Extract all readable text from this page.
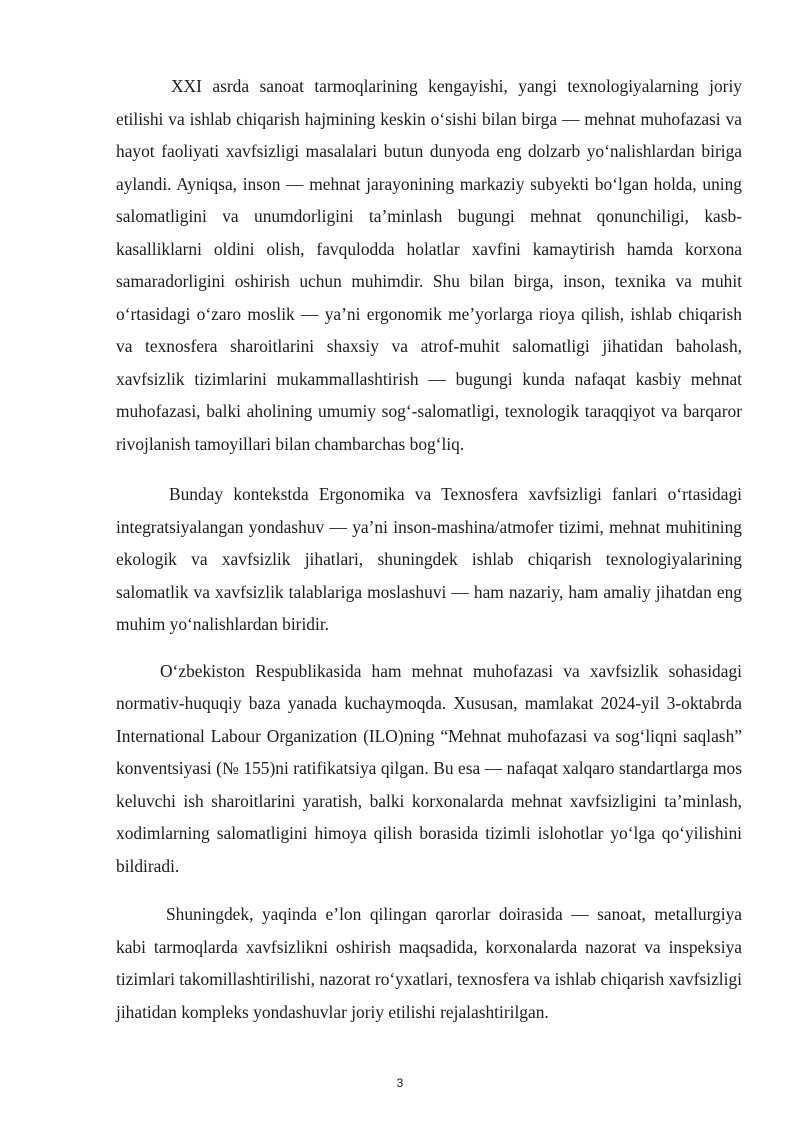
XXI asrda sanoat tarmoqlarining kengayishi, yangi texnologiyalarning joriy etilishi va ishlab chiqarish hajmining keskin o‘sishi bilan birga — mehnat muhofazasi va hayot faoliyati xavfsizligi masalalari butun dunyoda eng dolzarb yo‘nalishlardan biriga aylandi. Ayniqsa, inson — mehnat jarayonining markaziy subyekti bo‘lgan holda, uning salomatligini va unumdorligini ta’minlash bugungi mehnat qonunchiligi, kasb-kasalliklarni oldini olish, favqulodda holatlar xavfini kamaytirish hamda korxona samaradorligini oshirish uchun muhimdir. Shu bilan birga, inson, texnika va muhit o‘rtasidagi o‘zaro moslik — ya’ni ergonomik me’yorlarga rioya qilish, ishlab chiqarish va texnosfera sharoitlarini shaxsiy va atrof-muhit salomatligi jihatidan baholash, xavfsizlik tizimlarini mukammallashtirish — bugungi kunda nafaqat kasbiy mehnat muhofazasi, balki aholining umumiy sog‘-salomatligi, texnologik taraqqiyot va barqaror rivojlanish tamoyillari bilan chambarchas bog‘liq.

Bunday kontekstda Ergonomika va Texnosfera xavfsizligi fanlari o‘rtasidagi integratsiyalangan yondashuv — ya’ni inson-mashina/atmofer tizimi, mehnat muhitining ekologik va xavfsizlik jihatlari, shuningdek ishlab chiqarish texnologiyalarining salomatlik va xavfsizlik talablariga moslashuvi — ham nazariy, ham amaliy jihatdan eng muhim yo‘nalishlardan biridir.

O‘zbekiston Respublikasida ham mehnat muhofazasi va xavfsizlik sohasidagi normativ-huquqiy baza yanada kuchaymoqda. Xususan, mamlakat 2024-yil 3-oktabrda International Labour Organization (ILO)ning “Mehnat muhofazasi va sog‘liqni saqlash” konventsiyasi (№ 155)ni ratifikatsiya qilgan. Bu esa — nafaqat xalqaro standartlarga mos keluvchi ish sharoitlarini yaratish, balki korxonalarda mehnat xavfsizligini ta’minlash, xodimlarning salomatligini himoya qilish borasida tizimli islohotlar yo‘lga qo‘yilishini bildiradi.

Shuningdek, yaqinda e’lon qilingan qarorlar doirasida — sanoat, metallurgiya kabi tarmoqlarda xavfsizlikni oshirish maqsadida, korxonalarda nazorat va inspeksiya tizimlari takomillashtirilishi, nazorat ro‘yxatlari, texnosfera va ishlab chiqarish xavfsizligi jihatidan kompleks yondashuvlar joriy etilishi rejalashtirilgan.

3
